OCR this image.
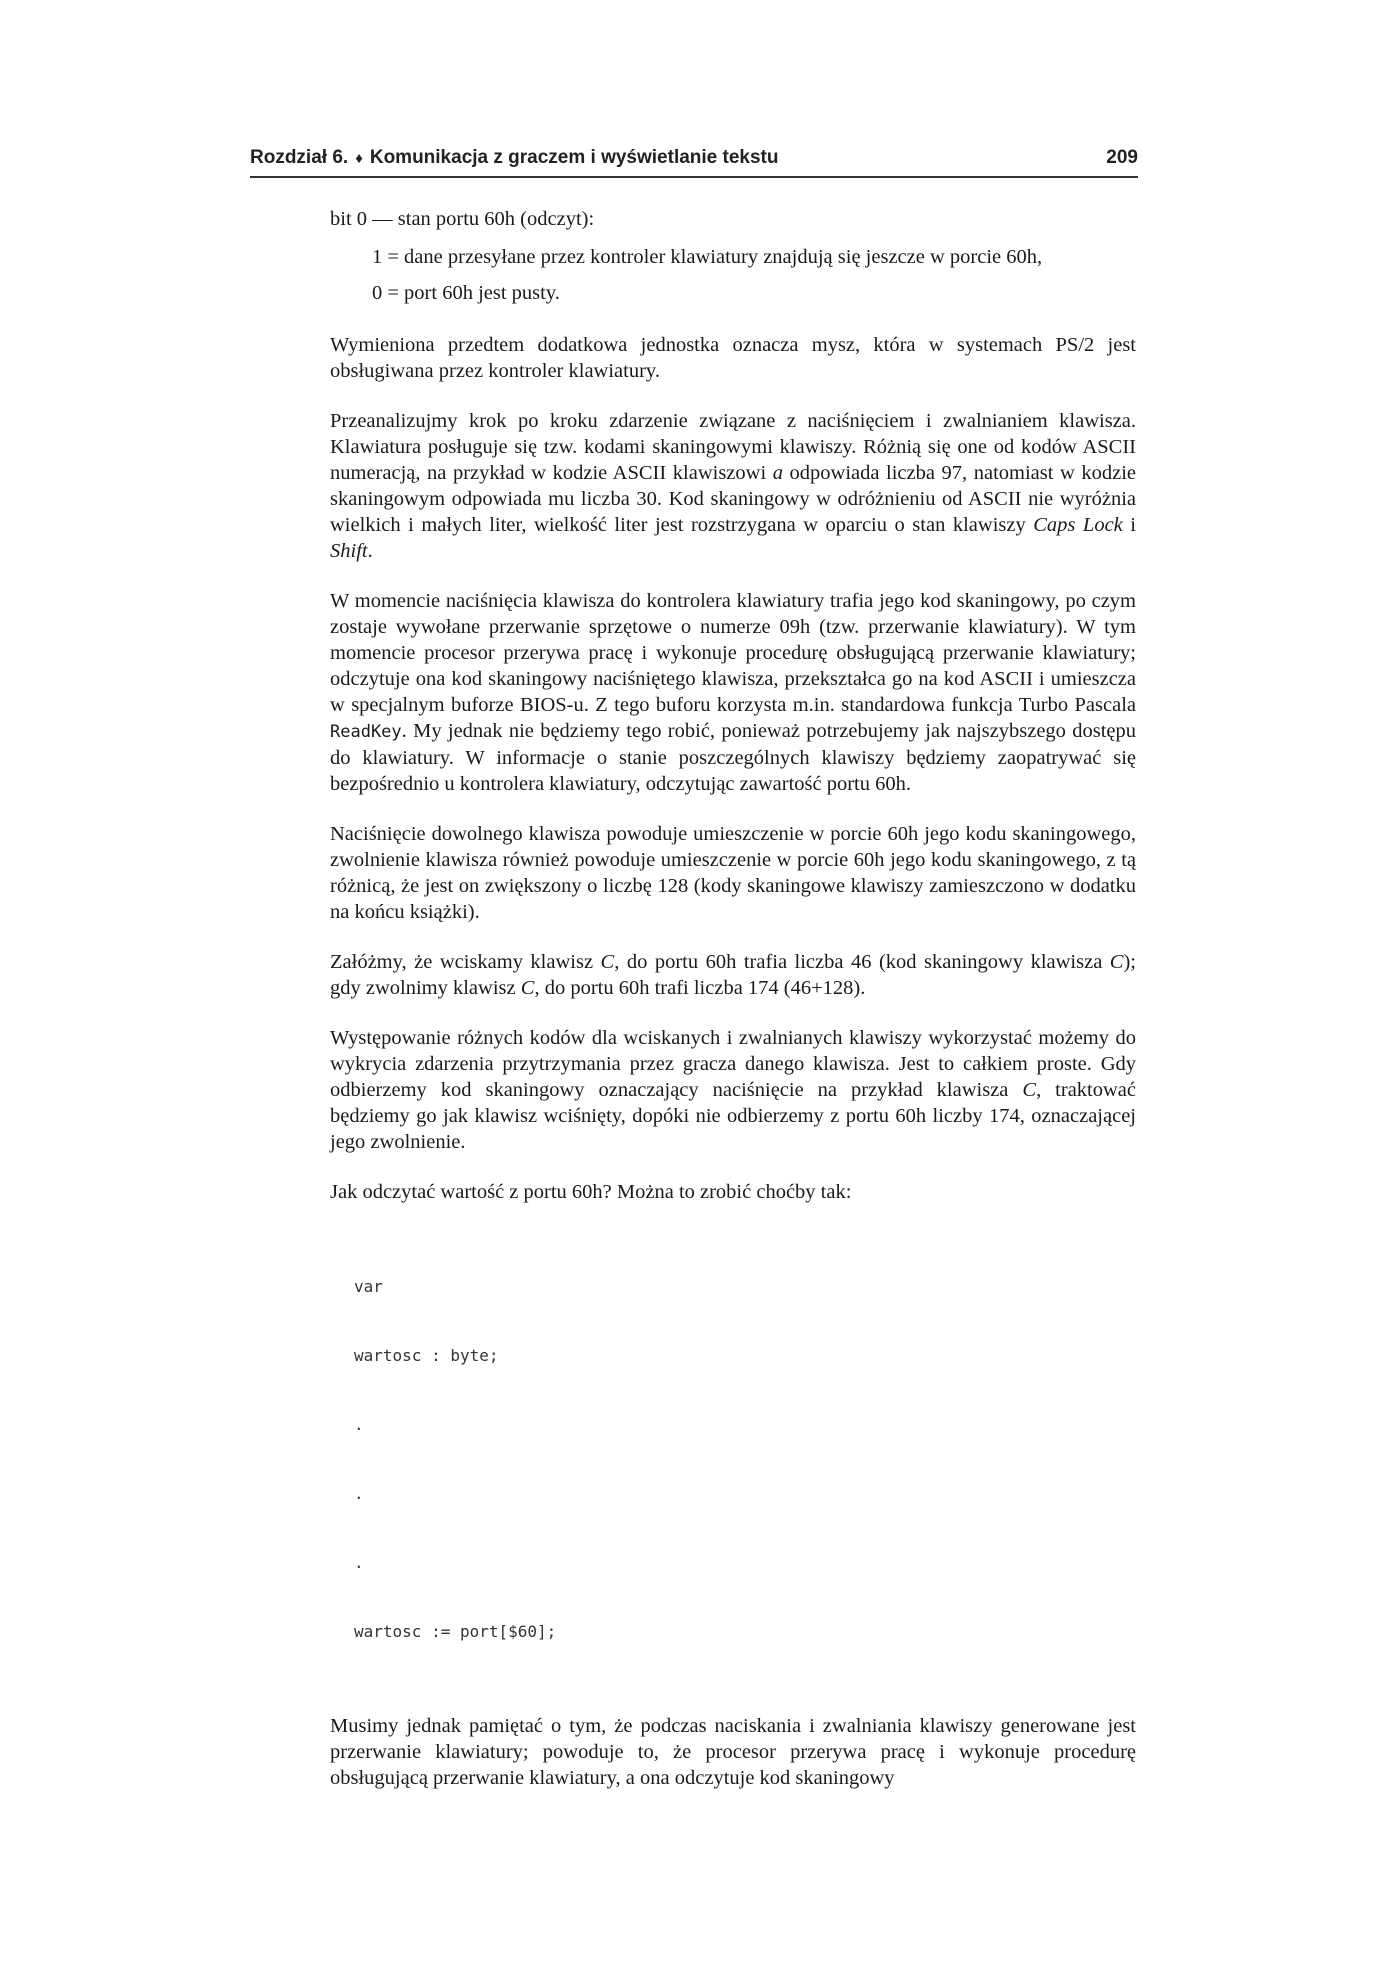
Rozdział 6. ♦ Komunikacja z graczem i wyświetlanie tekstu	209

bit 0 — stan portu 60h (odczyt):

1 = dane przesyłane przez kontroler klawiatury znajdują się jeszcze w porcie 60h,

0 = port 60h jest pusty.

Wymieniona przedtem dodatkowa jednostka oznacza mysz, która w systemach PS/2 jest obsługiwana przez kontroler klawiatury.

Przeanalizujmy krok po kroku zdarzenie związane z naciśnięciem i zwalnianiem klawisza. Klawiatura posługuje się tzw. kodami skaningowymi klawiszy. Różnią się one od kodów ASCII numeracją, na przykład w kodzie ASCII klawiszowi a odpowiada liczba 97, natomiast w kodzie skaningowym odpowiada mu liczba 30. Kod skaningowy w odróżnieniu od ASCII nie wyróżnia wielkich i małych liter, wielkość liter jest rozstrzygana w oparciu o stan klawiszy Caps Lock i Shift.

W momencie naciśnięcia klawisza do kontrolera klawiatury trafia jego kod skaningowy, po czym zostaje wywołane przerwanie sprzętowe o numerze 09h (tzw. przerwanie klawiatury). W tym momencie procesor przerywa pracę i wykonuje procedurę obsługującą przerwanie klawiatury; odczytuje ona kod skaningowy naciśniętego klawisza, przekształca go na kod ASCII i umieszcza w specjalnym buforze BIOS-u. Z tego buforu korzysta m.in. standardowa funkcja Turbo Pascala ReadKey. My jednak nie będziemy tego robić, ponieważ potrzebujemy jak najszybszego dostępu do klawiatury. W informacje o stanie poszczególnych klawiszy będziemy zaopatrywać się bezpośrednio u kontrolera klawiatury, odczytując zawartość portu 60h.

Naciśnięcie dowolnego klawisza powoduje umieszczenie w porcie 60h jego kodu skaningowego, zwolnienie klawisza również powoduje umieszczenie w porcie 60h jego kodu skaningowego, z tą różnicą, że jest on zwiększony o liczbę 128 (kody skaningowe klawiszy zamieszczono w dodatku na końcu książki).

Załóżmy, że wciskamy klawisz C, do portu 60h trafia liczba 46 (kod skaningowy klawisza C); gdy zwolnimy klawisz C, do portu 60h trafi liczba 174 (46+128).

Występowanie różnych kodów dla wciskanych i zwalnianych klawiszy wykorzystać możemy do wykrycia zdarzenia przytrzymania przez gracza danego klawisza. Jest to całkiem proste. Gdy odbierzemy kod skaningowy oznaczający naciśnięcie na przykład klawisza C, traktować będziemy go jak klawisz wciśnięty, dopóki nie odbierzemy z portu 60h liczby 174, oznaczającej jego zwolnienie.

Jak odczytać wartość z portu 60h? Można to zrobić choćby tak:

var

wartosc : byte;

.

.

.

wartosc := port[$60];

Musimy jednak pamiętać o tym, że podczas naciskania i zwalniania klawiszy generowane jest przerwanie klawiatury; powoduje to, że procesor przerywa pracę i wykonuje procedurę obsługującą przerwanie klawiatury, a ona odczytuje kod skaningowy
